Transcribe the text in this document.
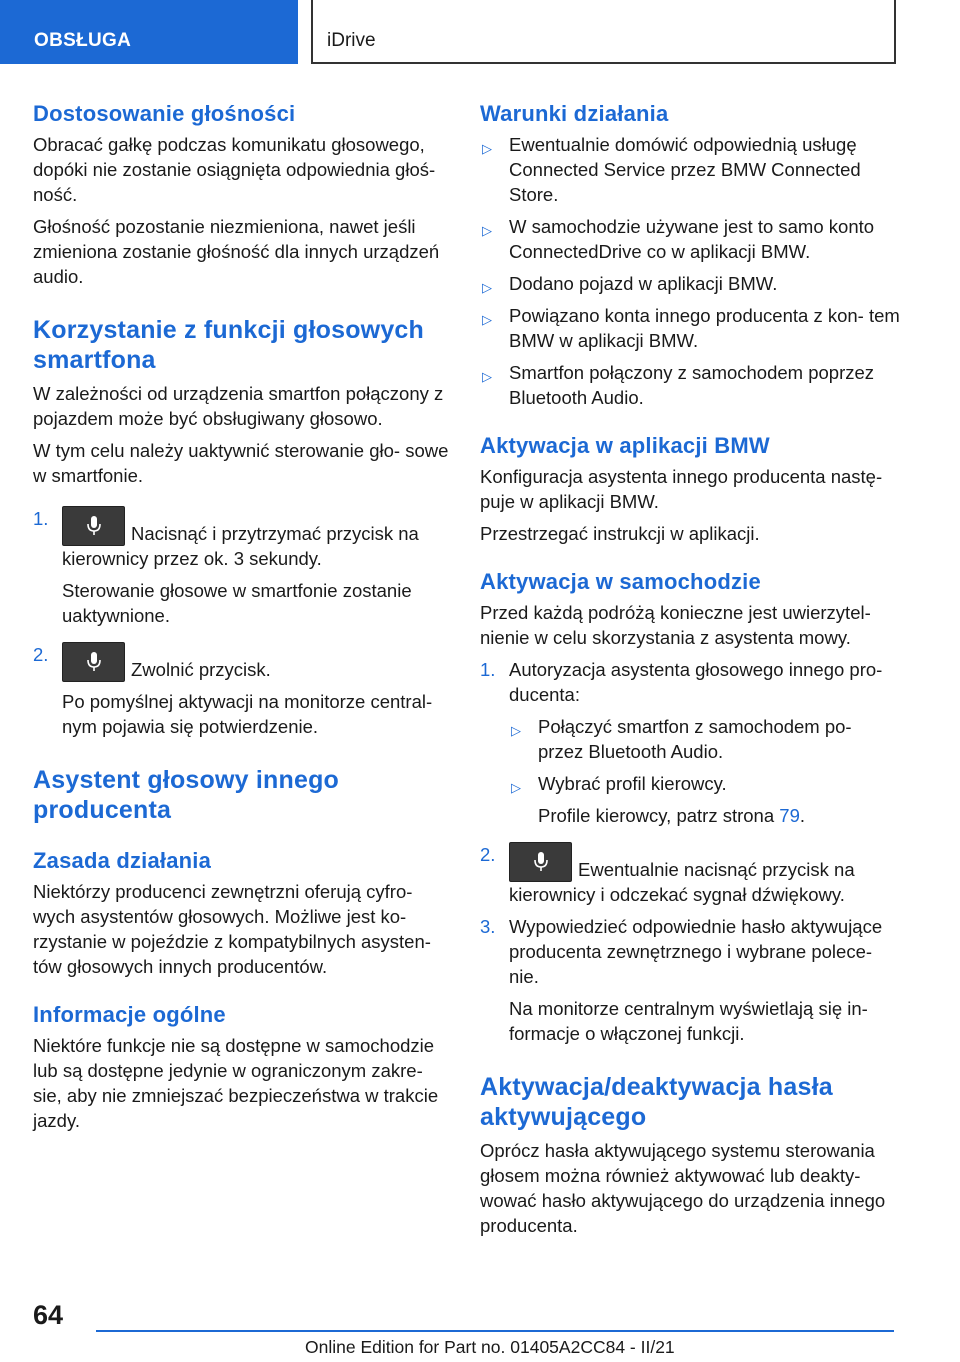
OBSŁUGA	iDrive
Dostosowanie głośności

Obracać gałkę podczas komunikatu głosowego, dopóki nie zostanie osiągnięta odpowiednia głoś- ność.

Głośność pozostanie niezmieniona, nawet jeśli zmieniona zostanie głośność dla innych urządzeń audio.

Korzystanie z funkcji głosowych smartfona

W zależności od urządzenia smartfon połączony z pojazdem może być obsługiwany głosowo.

W tym celu należy uaktywnić sterowanie gło- sowe w smartfonie.

1.

Nacisnąć i przytrzymać przycisk na kierownicy przez ok. 3 sekundy.

Sterowanie głosowe w smartfonie zostanie uaktywnione.

2.

Zwolnić przycisk.

Po pomyślnej aktywacji na monitorze central- nym pojawia się potwierdzenie.

Asystent głosowy innego producenta
Zasada działania

Niektórzy producenci zewnętrzni oferują cyfro- wych asystentów głosowych. Możliwe jest ko- rzystanie w pojeździe z kompatybilnych asysten- tów głosowych innych producentów.

Informacje ogólne

Niektóre funkcje nie są dostępne w samochodzie lub są dostępne jedynie w ograniczonym zakre- sie, aby nie zmniejszać bezpieczeństwa w trakcie jazdy.

Warunki działania
▷ Ewentualnie domówić odpowiednią usługę Connected Service przez BMW Connected Store.
▷ W samochodzie używane jest to samo konto ConnectedDrive co w aplikacji BMW.
▷ Dodano pojazd w aplikacji BMW.
▷ Powiązano konta innego producenta z kon- tem BMW w aplikacji BMW.
▷ Smartfon połączony z samochodem poprzez Bluetooth Audio.
Aktywacja w aplikacji BMW

Konfiguracja asystenta innego producenta nastę- puje w aplikacji BMW.

Przestrzegać instrukcji w aplikacji.

Aktywacja w samochodzie

Przed każdą podróżą konieczne jest uwierzytel- nienie w celu skorzystania z asystenta mowy.

1. Autoryzacja asystenta głosowego innego pro- ducenta:

▷ Połączyć smartfon z samochodem po- przez Bluetooth Audio.
▷ Wybrać profil kierowcy.

Profile kierowcy, patrz strona 79.

2.

Ewentualnie nacisnąć przycisk na kierownicy i odczekać sygnał dźwiękowy.

3. Wypowiedzieć odpowiednie hasło aktywujące producenta zewnętrznego i wybrane polece- nie.

Na monitorze centralnym wyświetlają się in- formacje o włączonej funkcji.

Aktywacja/deaktywacja hasła aktywującego

Oprócz hasła aktywującego systemu sterowania głosem można również aktywować lub deakty- wować hasło aktywującego do urządzenia innego producenta.

64
Online Edition for Part no. 01405A2CC84 - II/21
